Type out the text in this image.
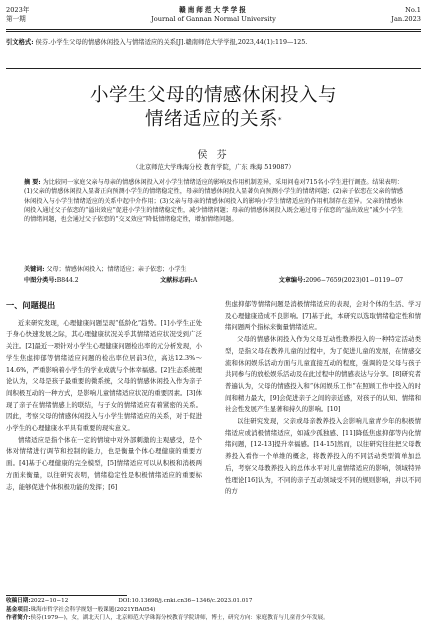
2023年
第一期
赣南师范大学学报
Journal of Gannan Normal University
No.1
Jan.2023
引文格式: 侯芬.小学生父母的情感休闲投入与情绪适应的关系[J].赣南师范大学学报,2023,44(1):119—125.
小学生父母的情感休闲投入与
情绪适应的关系*
侯 芬
（北京师范大学珠海分校 教育学院，广东 珠海 519087）
摘 要: 为比较同一家庭父亲与母亲的情感休闲投入对小学生情绪适应的影响及作用机制差异，采用问卷对715名小学生进行调查。结果表明：(1)父亲的情感休闲投入显著正向预测小学生的情绪稳定性，母亲的情感休闲投入显著负向预测小学生的情绪问题；(2)亲子依恋在父亲的情感休闲投入与小学生情绪适应的关系中起中介作用；(3)父亲与母亲的情感休闲投入的影响小学生情绪适应的作用机制存在差异。父亲的情感休闲投入通过父子依恋的“溢出效应”促进小学生的情绪稳定性，减少情绪问题；母亲的情感休闲投入既会通过母子依恋的“溢出效应”减少小学生的情绪问题，也会通过父子依恋的“交叉效应”降低情绪稳定性，增加情绪问题。
关键词: 父母；情感休闲投入；情绪适应；亲子依恋；小学生
中图分类号:B844.2	文献标志码:A	文章编号:2096−7659(2023)01−0119−07
一、问题提出

近来研究发现，心理健康问题呈现“低龄化”趋势。[1]小学生正处于身心快速发展之际，其心理健康状况关乎其情绪适应状况受到广泛关注。[2]最近一项针对小学生心理健康问题检出率的元分析发现，小学生焦虑抑郁等情绪适应问题的检出率位居前3位，高达12.3%～14.6%，严重影响着小学生的学业成就与个体幸福感。[2]生态系统理论认为，父母是孩子最重要的微系统，父母的情感休闲投入作为亲子间积极互动的一种方式，是影响儿童情绪适应状况的重要因素。[3]体现了亲子在情绪情感上的联结，与子女的情绪适应有着紧密的关系。因此，考察父母的情感休闲投入与小学生情绪适应的关系，对于促进小学生的心理健康水平具有重要的现实意义。

情绪适应是指个体在一定的情境中对外部刺激的主观感受，是个体对情绪进行调节和控制的能力，也是衡量个体心理健康的重要方面。[4]基于心理健康的完全模型，[5]情绪适应可以从积极和消极两方面来衡量，以往研究表明，情绪稳定性是积极情绪适应的重要标志，能够促进个体积极功能的发挥；[6]

焦虑抑郁等情绪问题是消极情绪适应的表现，会对个体的生活、学习及心理健康造成不良影响。[7]基于此，本研究以选取情绪稳定性和情绪问题两个指标来衡量情绪适应。

父母的情感休闲投入作为父母互动性教养投入的一种特定活动类型，是指父母在教养儿童的过程中，为了促进儿童的发展，在情感交流和休闲娱乐活动方面与儿童直接互动的程度，强调的是父母与孩子共同参与的放松娱乐活动及在此过程中的情感表达与分享。[8]研究者普遍认为，父母的情感投入和“休闲娱乐工作”在照顾工作中投入的时间和精力最大，[9]会促进亲子之间的亲近感，对孩子的认知、情绪和社会性发展产生显著和持久的影响。[10]

以往研究发现，父亲或母亲教养投入会影响儿童青少年的积极情绪适应或消极情绪适应，如减少孤独感、[11]降低焦虑抑郁等内化情绪问题，[12-13]提升幸福感。[14-15]然而，以往研究往往把父母教养投入看作一个单维的概念，将教养投入的不同活动类型简单加总后，考察父母教养投入的总体水平对儿童情绪适应的影响，领域特异性理论[16]认为，不同的亲子互动领域受不同的规则影响，并以不同的方

收稿日期:2022−10−12	DOI:10.13698/j.cnki.cn36−1346/c.2023.01.017
基金项目:珠海市哲学社会科学规划一般课题(2021YBA054)
作者简介:侯芬(1979—)，女，湖北天门人，北京师范大学珠海分校教育学院讲师，博士，研究方向：家庭教育与儿童青少年发展。
